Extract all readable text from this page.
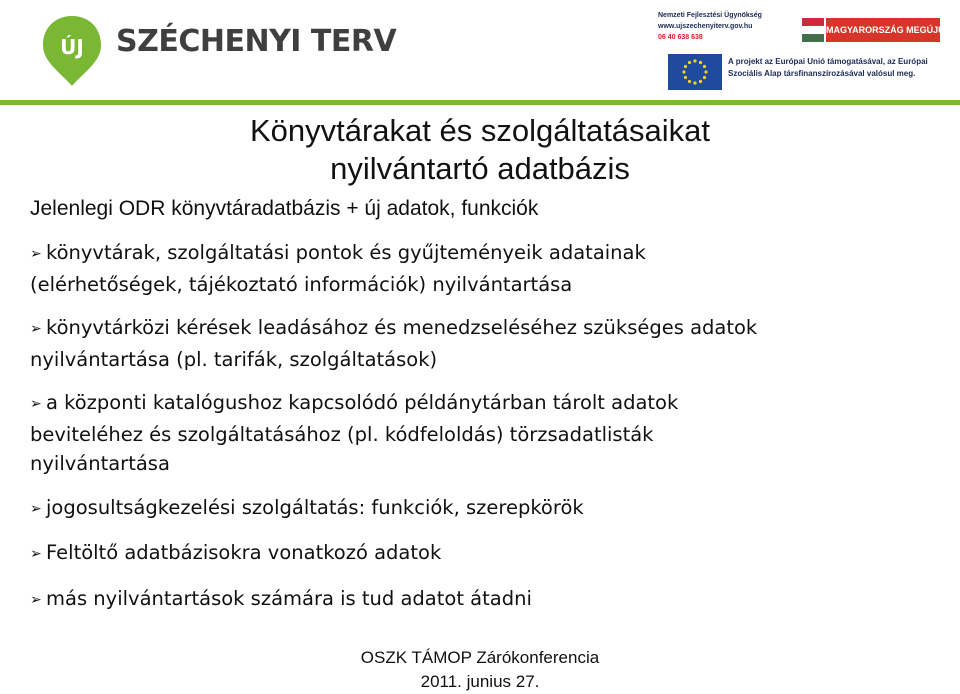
ÚJ SZÉCHENYI TERV
Nemzeti Fejlesztési Ügynökség
www.ujszechenyiterv.gov.hu
06 40 638 638
MAGYARORSZÁG MEGÚJUL
A projekt az Európai Unió támogatásával, az Európai
Szociális Alap társfinanszírozásával valósul meg.
Könyvtárakat és szolgáltatásaikat
nyilvántartó adatbázis
Jelenlegi ODR könyvtáradatbázis + új adatok, funkciók
➢ könyvtárak, szolgáltatási pontok és gyűjteményeik adatainak
(elérhetőségek, tájékoztató információk) nyilvántartása
➢ könyvtárközi kérések leadásához és menedzseléséhez szükséges adatok
nyilvántartása (pl. tarifák, szolgáltatások)
➢ a központi katalógushoz kapcsolódó példánytárban tárolt adatok
beviteléhez és szolgáltatásához (pl. kódfeloldás) törzsadatlisták
nyilvántartása
➢ jogosultságkezelési szolgáltatás: funkciók, szerepkörök
➢ Feltöltő adatbázisokra vonatkozó adatok
➢ más nyilvántartások számára is tud adatot átadni
OSZK TÁMOP Zárókonferencia
2011. junius 27.
